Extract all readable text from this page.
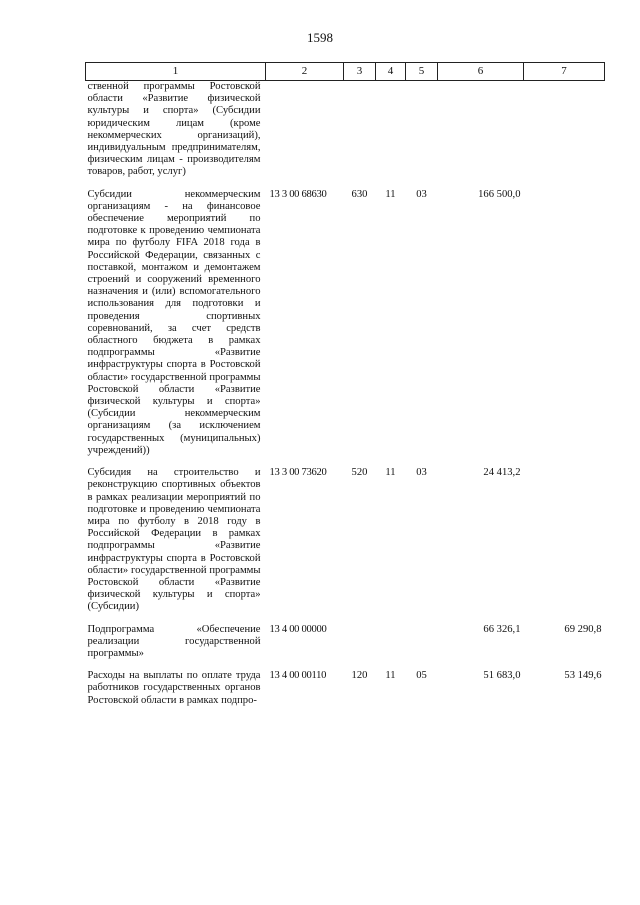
1598
1	2	3	4	5	6	7
ственной программы Ростовской области «Развитие физической культуры и спорта» (Субсидии юридическим лицам (кроме некоммерческих организаций), индивидуальным предпринимателям, физическим лицам - производителям товаров, работ, услуг)						
Субсидии некоммерческим организациям - на финансовое обеспечение мероприятий по подготовке к проведению чемпионата мира по футболу FIFA 2018 года в Российской Федерации, связанных с поставкой, монтажом и демонтажем строений и сооружений временного назначения и (или) вспомогательного использования для подготовки и проведения спортивных соревнований, за счет средств областного бюджета в рамках подпрограммы «Развитие инфраструктуры спорта в Ростовской области» государственной программы Ростовской области «Развитие физической культуры и спорта» (Субсидии некоммерческим организациям (за исключением государственных (муниципальных) учреждений))	13 3 00 68630	630	11	03	166 500,0	
Субсидия на строительство и реконструкцию спортивных объектов в рамках реализации мероприятий по подготовке и проведению чемпионата мира по футболу в 2018 году в Российской Федерации в рамках подпрограммы «Развитие инфраструктуры спорта в Ростовской области» государственной программы Ростовской области «Развитие физической культуры и спорта» (Субсидии)	13 3 00 73620	520	11	03	24 413,2	
Подпрограмма «Обеспечение реализации государственной программы»	13 4 00 00000				66 326,1	69 290,8
Расходы на выплаты по оплате труда работников государственных органов Ростовской области в рамках подпро-	13 4 00 00110	120	11	05	51 683,0	53 149,6
